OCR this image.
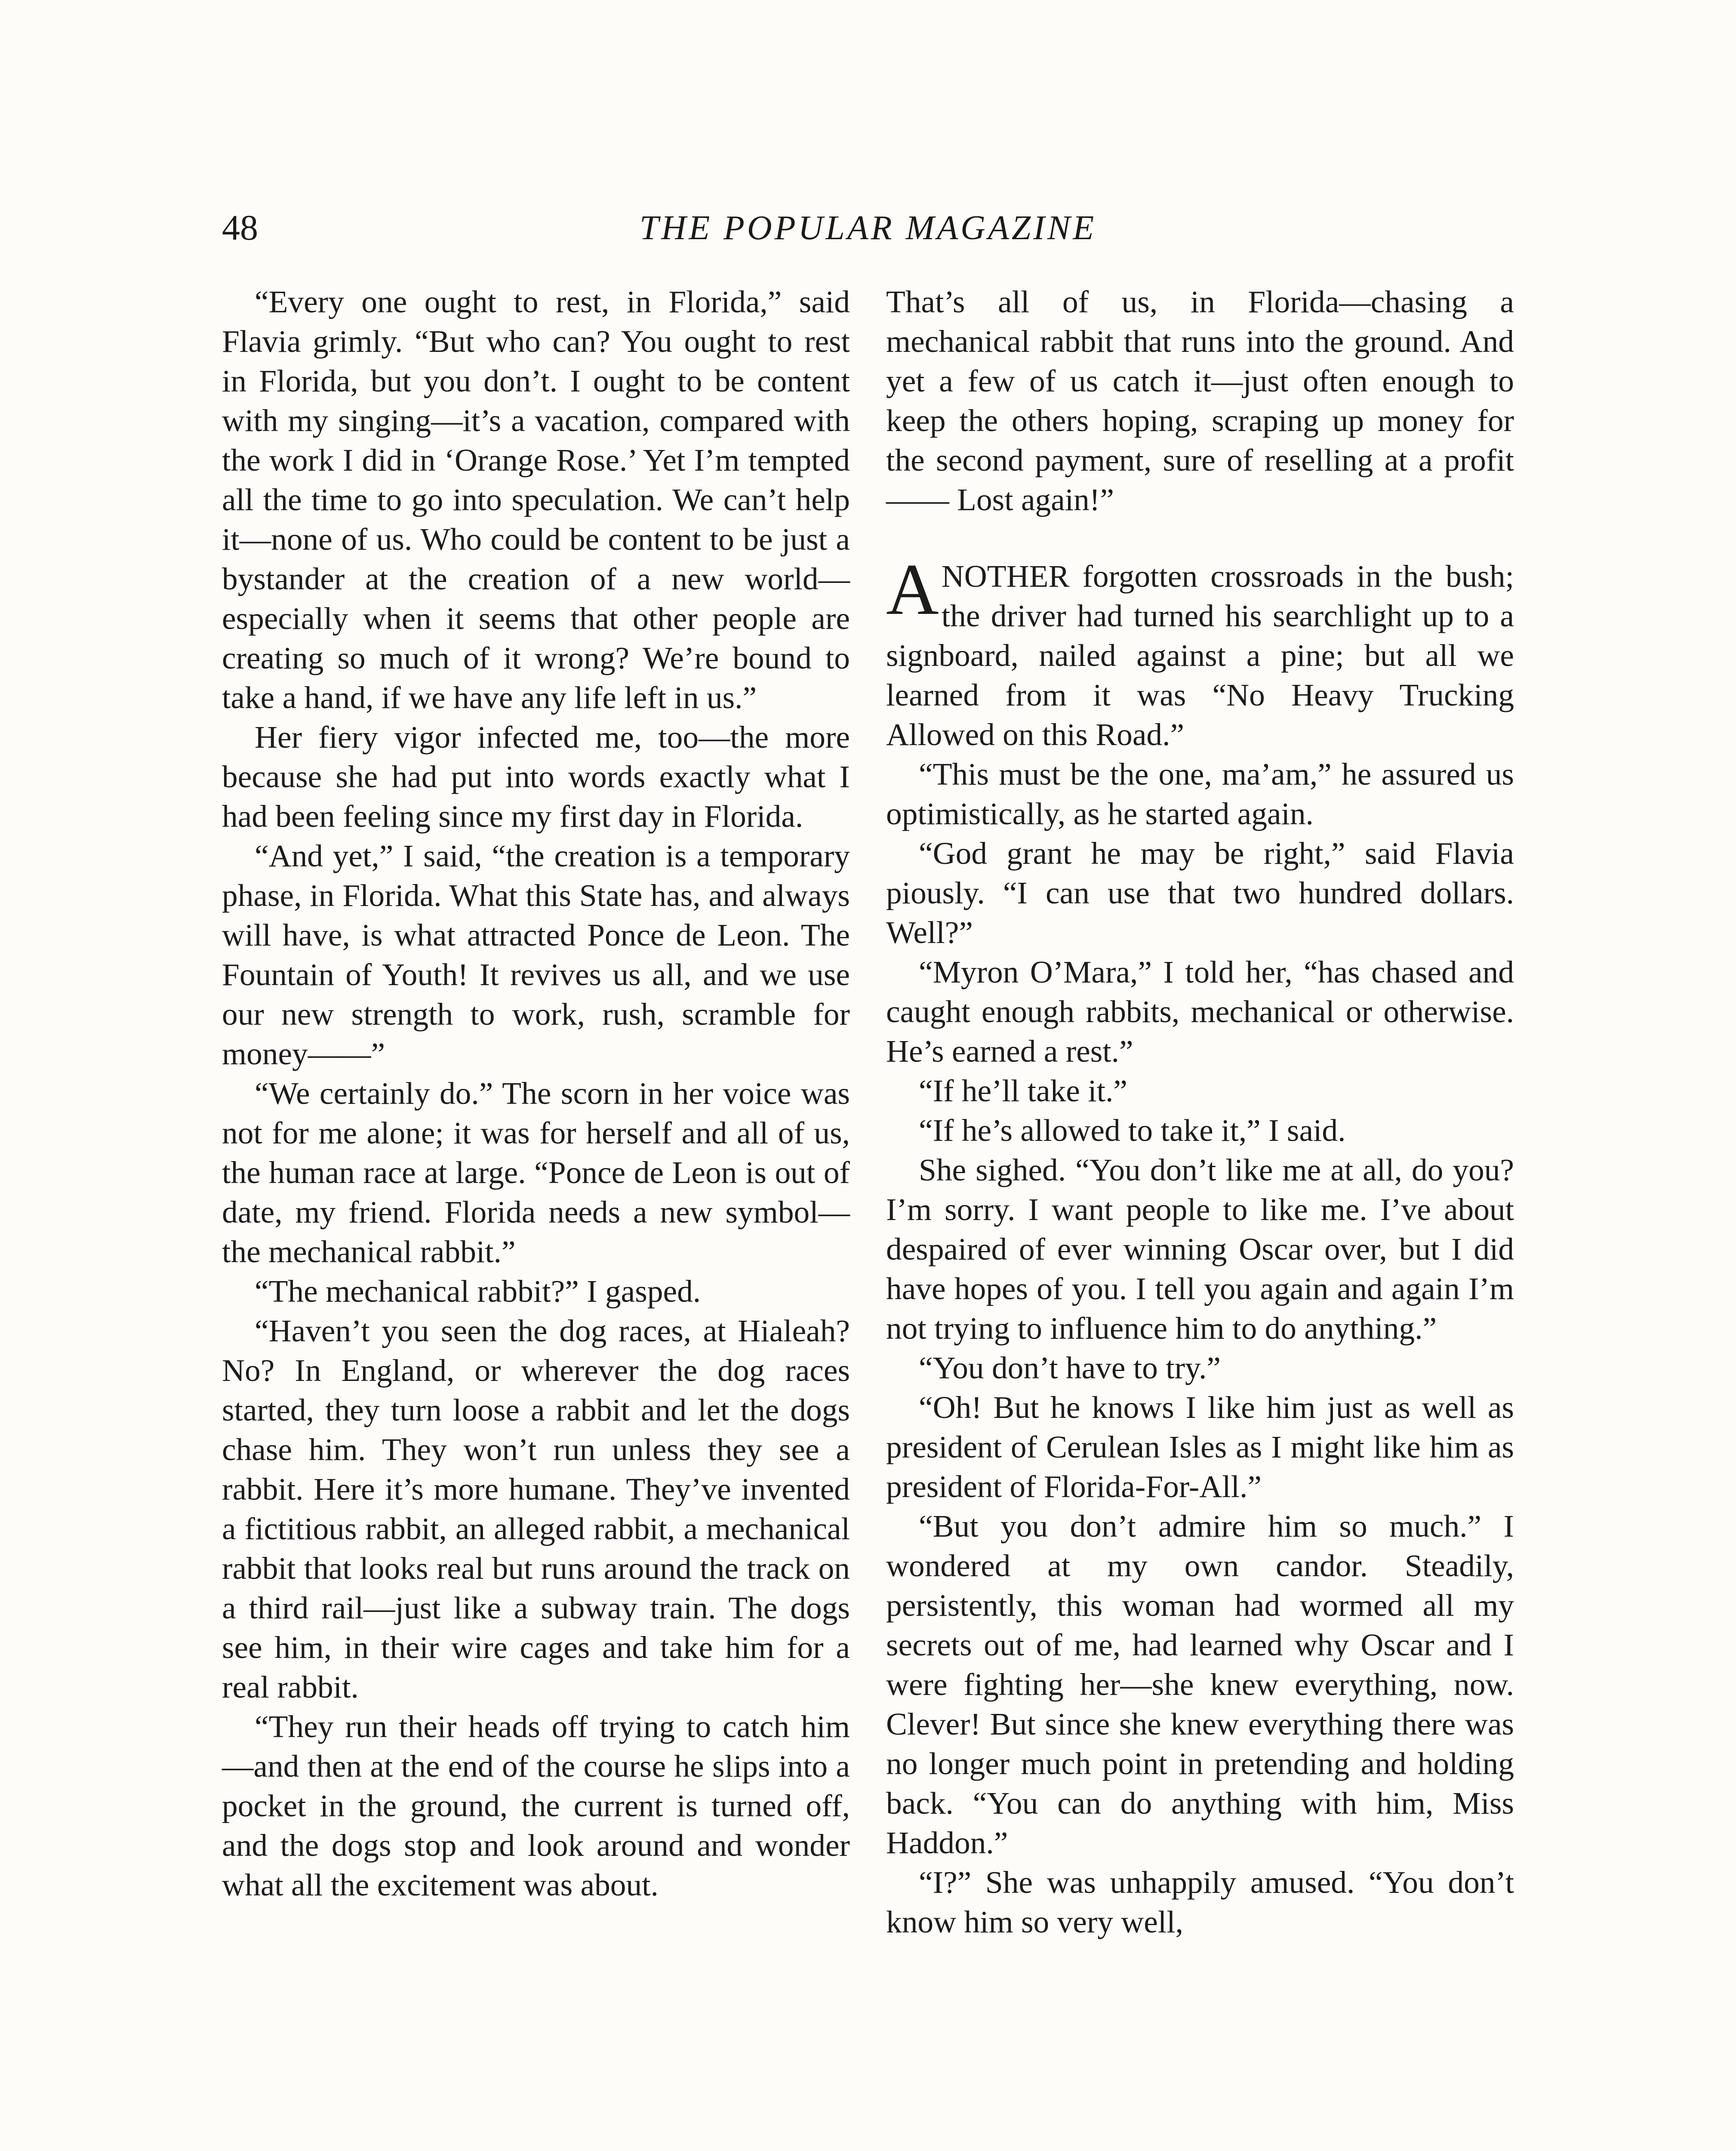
48	THE POPULAR MAGAZINE

“Every one ought to rest, in Florida,” said Flavia grimly. “But who can? You ought to rest in Florida, but you don’t. I ought to be content with my singing—it’s a vacation, compared with the work I did in ‘Orange Rose.’ Yet I’m tempted all the time to go into speculation. We can’t help it—none of us. Who could be content to be just a bystander at the creation of a new world—especially when it seems that other people are creating so much of it wrong? We’re bound to take a hand, if we have any life left in us.”

Her fiery vigor infected me, too—the more because she had put into words exactly what I had been feeling since my first day in Florida.

“And yet,” I said, “the creation is a temporary phase, in Florida. What this State has, and always will have, is what attracted Ponce de Leon. The Fountain of Youth! It revives us all, and we use our new strength to work, rush, scramble for money——”

“We certainly do.” The scorn in her voice was not for me alone; it was for herself and all of us, the human race at large. “Ponce de Leon is out of date, my friend. Florida needs a new symbol—the mechanical rabbit.”

“The mechanical rabbit?” I gasped.

“Haven’t you seen the dog races, at Hialeah? No? In England, or wherever the dog races started, they turn loose a rabbit and let the dogs chase him. They won’t run unless they see a rabbit. Here it’s more humane. They’ve invented a fictitious rabbit, an alleged rabbit, a mechanical rabbit that looks real but runs around the track on a third rail—just like a subway train. The dogs see him, in their wire cages and take him for a real rabbit.

“They run their heads off trying to catch him—and then at the end of the course he slips into a pocket in the ground, the current is turned off, and the dogs stop and look around and wonder what all the excitement was about.

That’s all of us, in Florida—chasing a mechanical rabbit that runs into the ground. And yet a few of us catch it—just often enough to keep the others hoping, scraping up money for the second payment, sure of reselling at a profit—— Lost again!”

ANOTHER forgotten crossroads in the bush; the driver had turned his searchlight up to a signboard, nailed against a pine; but all we learned from it was “No Heavy Trucking Allowed on this Road.”

“This must be the one, ma’am,” he assured us optimistically, as he started again.

“God grant he may be right,” said Flavia piously. “I can use that two hundred dollars. Well?”

“Myron O’Mara,” I told her, “has chased and caught enough rabbits, mechanical or otherwise. He’s earned a rest.”

“If he’ll take it.”

“If he’s allowed to take it,” I said.

She sighed. “You don’t like me at all, do you? I’m sorry. I want people to like me. I’ve about despaired of ever winning Oscar over, but I did have hopes of you. I tell you again and again I’m not trying to influence him to do anything.”

“You don’t have to try.”

“Oh! But he knows I like him just as well as president of Cerulean Isles as I might like him as president of Florida-For-All.”

“But you don’t admire him so much.” I wondered at my own candor. Steadily, persistently, this woman had wormed all my secrets out of me, had learned why Oscar and I were fighting her—she knew everything, now. Clever! But since she knew everything there was no longer much point in pretending and holding back. “You can do anything with him, Miss Haddon.”

“I?” She was unhappily amused. “You don’t know him so very well,
